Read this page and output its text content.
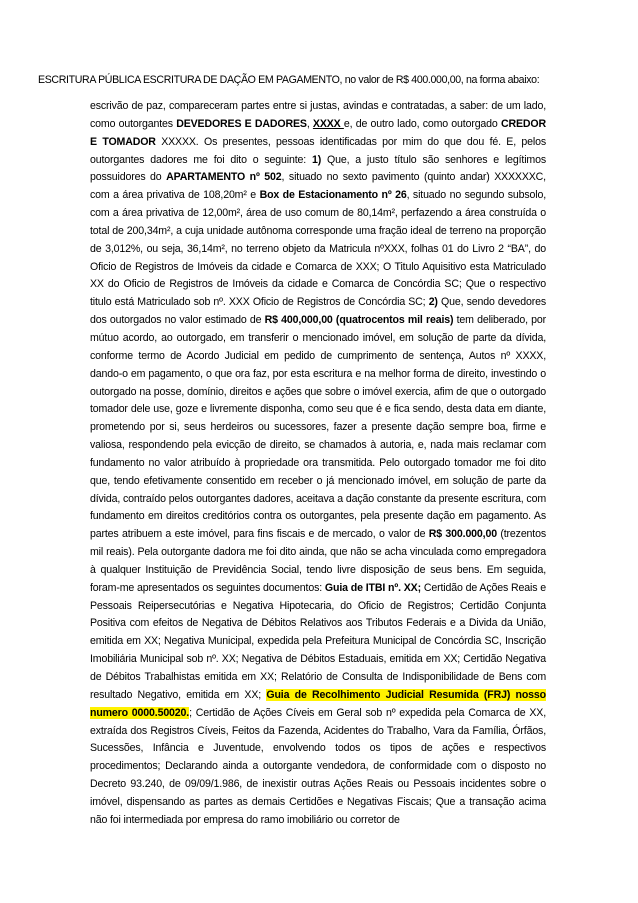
ESCRITURA PÚBLICA ESCRITURA DE DAÇÃO EM PAGAMENTO, no valor de R$ 400.000,00, na forma abaixo:
escrivão de paz, compareceram partes entre si justas, avindas e contratadas, a saber: de um lado, como outorgantes DEVEDORES E DADORES, XXXX e, de outro lado, como outorgado CREDOR E TOMADOR XXXXX. Os presentes, pessoas identificadas por mim do que dou fé. E, pelos outorgantes dadores me foi dito o seguinte: 1) Que, a justo título são senhores e legítimos possuidores do APARTAMENTO nº 502, situado no sexto pavimento (quinto andar) XXXXXXC, com a área privativa de 108,20m² e Box de Estacionamento nº 26, situado no segundo subsolo, com a área privativa de 12,00m², área de uso comum de 80,14m², perfazendo a área construída o total de 200,34m², a cuja unidade autônoma corresponde uma fração ideal de terreno na proporção de 3,012%, ou seja, 36,14m², no terreno objeto da Matricula nºXXX, folhas 01 do Livro 2 “BA”, do Oficio de Registros de Imóveis da cidade e Comarca de XXX; O Titulo Aquisitivo esta Matriculado XX do Oficio de Registros de Imóveis da cidade e Comarca de Concórdia SC; Que o respectivo titulo está Matriculado sob nº. XXX Oficio de Registros de Concórdia SC; 2) Que, sendo devedores dos outorgados no valor estimado de R$ 400,000,00 (quatrocentos mil reais) tem deliberado, por mútuo acordo, ao outorgado, em transferir o mencionado imóvel, em solução de parte da dívida, conforme termo de Acordo Judicial em pedido de cumprimento de sentença, Autos nº XXXX, dando-o em pagamento, o que ora faz, por esta escritura e na melhor forma de direito, investindo o outorgado na posse, domínio, direitos e ações que sobre o imóvel exercia, afim de que o outorgado tomador dele use, goze e livremente disponha, como seu que é e fica sendo, desta data em diante, prometendo por si, seus herdeiros ou sucessores, fazer a presente dação sempre boa, firme e valiosa, respondendo pela evicção de direito, se chamados à autoria, e, nada mais reclamar com fundamento no valor atribuído à propriedade ora transmitida. Pelo outorgado tomador me foi dito que, tendo efetivamente consentido em receber o já mencionado imóvel, em solução de parte da dívida, contraído pelos outorgantes dadores, aceitava a dação constante da presente escritura, com fundamento em direitos creditórios contra os outorgantes, pela presente dação em pagamento. As partes atribuem a este imóvel, para fins fiscais e de mercado, o valor de R$ 300.000,00 (trezentos mil reais). Pela outorgante dadora me foi dito ainda, que não se acha vinculada como empregadora à qualquer Instituição de Previdência Social, tendo livre disposição de seus bens. Em seguida, foram-me apresentados os seguintes documentos: Guia de ITBI nº. XX; Certidão de Ações Reais e Pessoais Reipersecutórias e Negativa Hipotecaria, do Oficio de Registros; Certidão Conjunta Positiva com efeitos de Negativa de Débitos Relativos aos Tributos Federais e a Divida da União, emitida em XX; Negativa Municipal, expedida pela Prefeitura Municipal de Concórdia SC, Inscrição Imobiliária Municipal sob nº. XX; Negativa de Débitos Estaduais, emitida em XX; Certidão Negativa de Débitos Trabalhistas emitida em XX; Relatório de Consulta de Indisponibilidade de Bens com resultado Negativo, emitida em XX; Guia de Recolhimento Judicial Resumida (FRJ) nosso numero 0000.50020.; Certidão de Ações Cíveis em Geral sob nº expedida pela Comarca de XX, extraída dos Registros Cíveis, Feitos da Fazenda, Acidentes do Trabalho, Vara da Família, Órfãos, Sucessões, Infância e Juventude, envolvendo todos os tipos de ações e respectivos procedimentos; Declarando ainda a outorgante vendedora, de conformidade com o disposto no Decreto 93.240, de 09/09/1.986, de inexistir outras Ações Reais ou Pessoais incidentes sobre o imóvel, dispensando as partes as demais Certidões e Negativas Fiscais; Que a transação acima não foi intermediada por empresa do ramo imobiliário ou corretor de
